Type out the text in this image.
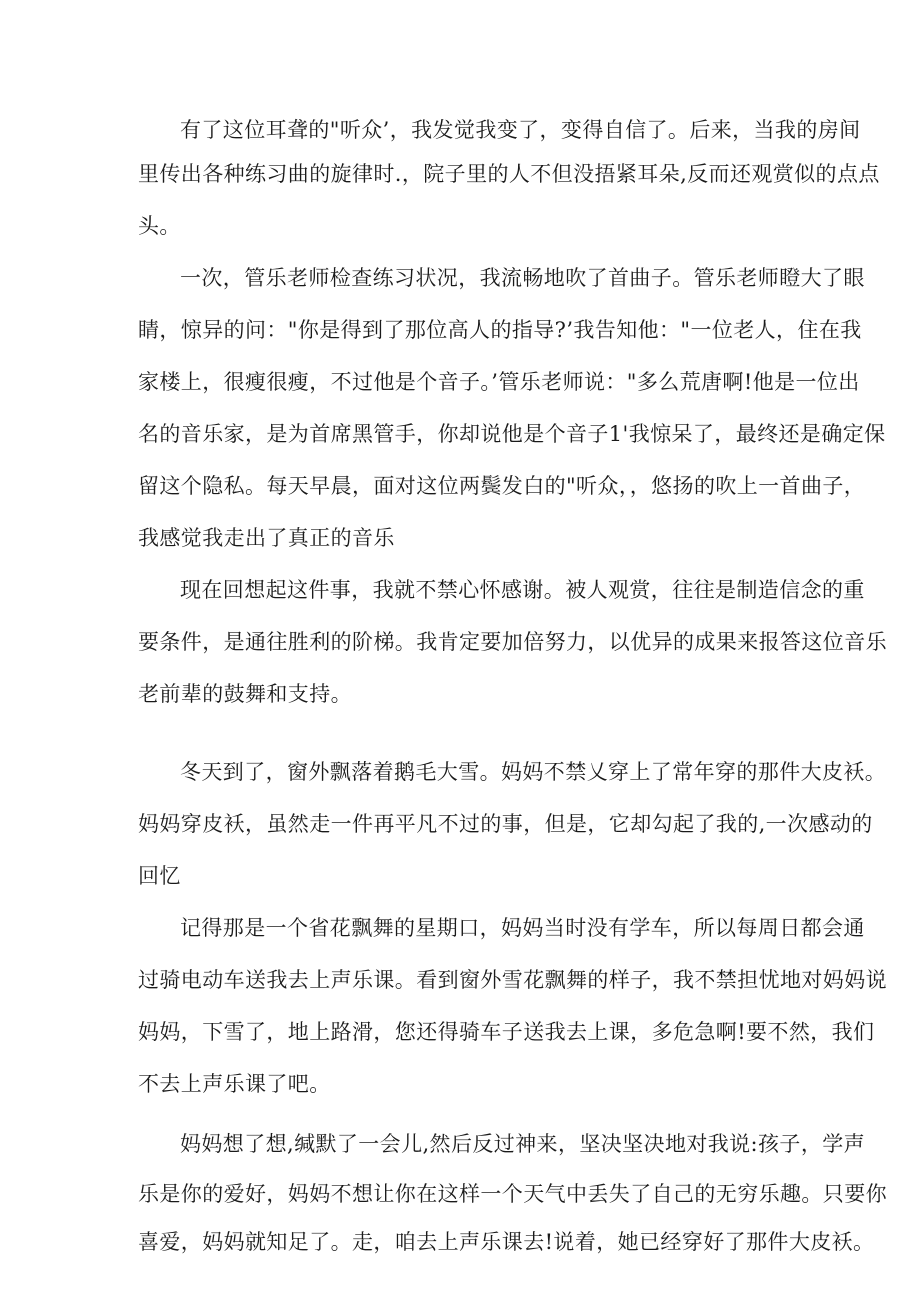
有了这位耳聋的"听众’，我发觉我变了，变得自信了。后来，当我的房间
里传出各种练习曲的旋律时.，院子里的人不但没捂紧耳朵,反而还观赏似的点点
头。
一次，管乐老师检查练习状况，我流畅地吹了首曲子。管乐老师瞪大了眼
睛，惊异的问："你是得到了那位高人的指导?’我告知他："一位老人，住在我
家楼上，很瘦很瘦，不过他是个音子。’管乐老师说："多么荒唐啊!他是一位出
名的音乐家，是为首席黑管手，你却说他是个音子1'我惊呆了，最终还是确定保
留这个隐私。每天早晨，面对这位两鬓发白的"听众，，悠扬的吹上一首曲子，
我感觉我走出了真正的音乐
现在回想起这件事，我就不禁心怀感谢。被人观赏，往往是制造信念的重
要条件，是通往胜利的阶梯。我肯定要加倍努力，以优异的成果来报答这位音乐
老前辈的鼓舞和支持。
冬天到了，窗外飘落着鹅毛大雪。妈妈不禁乂穿上了常年穿的那件大皮袄。
妈妈穿皮袄，虽然走一件再平凡不过的事，但是，它却勾起了我的,一次感动的
回忆
记得那是一个省花飘舞的星期口，妈妈当时没有学车，所以每周日都会通
过骑电动车送我去上声乐课。看到窗外雪花飘舞的样子，我不禁担忧地对妈妈说
妈妈，下雪了，地上路滑，您还得骑车子送我去上课，多危急啊!要不然，我们
不去上声乐课了吧。
妈妈想了想,缄默了一会儿,然后反过神来，坚决坚决地对我说:孩子，学声
乐是你的爱好，妈妈不想让你在这样一个天气中丢失了自己的无穷乐趣。只要你
喜爱，妈妈就知足了。走，咱去上声乐课去!说着，她已经穿好了那件大皮袄。
